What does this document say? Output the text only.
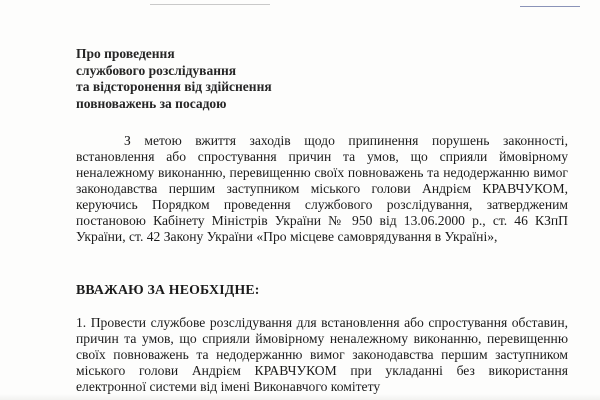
Про проведення
службового розслідування
та відсторонення від здійснення
повноважень за посадою

З метою вжиття заходів щодо припинення порушень законності, встановлення або спростування причин та умов, що сприяли ймовірному неналежному виконанню, перевищенню своїх повноважень та недодержанню вимог законодавства першим заступником міського голови Андрієм КРАВЧУКОМ, керуючись Порядком проведення службового розслідування, затвердженим постановою Кабінету Міністрів України № 950 від 13.06.2000 р., ст. 46 КЗпП України, ст. 42 Закону України «Про місцеве самоврядування в Україні»,

ВВАЖАЮ ЗА НЕОБХІДНЕ:

1. Провести службове розслідування для встановлення або спростування обставин, причин та умов, що сприяли ймовірному неналежному виконанню, перевищенню своїх повноважень та недодержанню вимог законодавства першим заступником міського голови Андрієм КРАВЧУКОМ при укладанні без використання електронної системи від імені Виконавчого комітету
